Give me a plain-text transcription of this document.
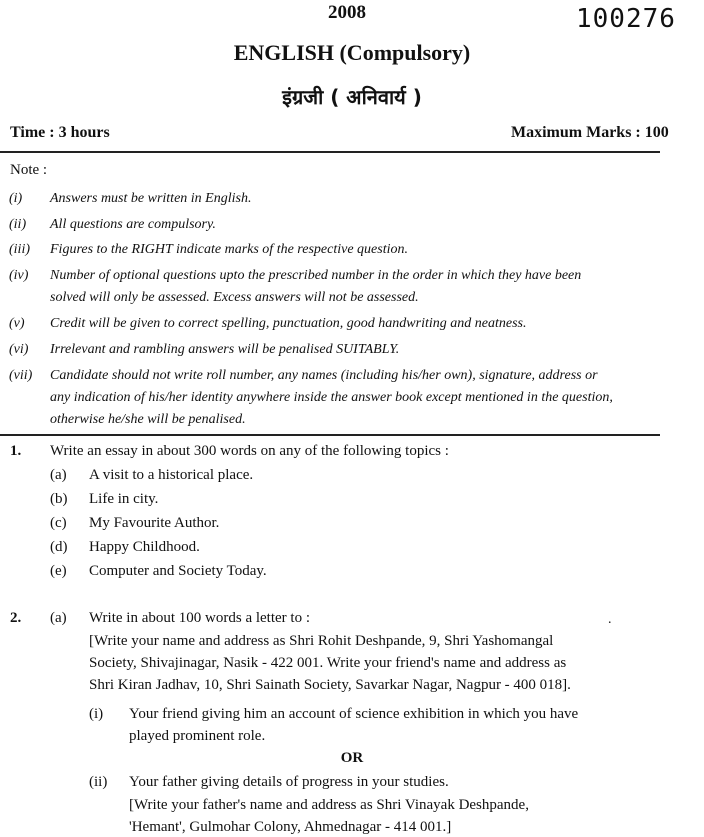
2008	100276
ENGLISH (Compulsory)
इंग्रजी ( अनिवार्य )
Time : 3 hours	Maximum Marks : 100
Note :
(i) Answers must be written in English.
(ii) All questions are compulsory.
(iii) Figures to the RIGHT indicate marks of the respective question.
(iv) Number of optional questions upto the prescribed number in the order in which they have been
solved will only be assessed. Excess answers will not be assessed.
(v) Credit will be given to correct spelling, punctuation, good handwriting and neatness.
(vi) Irrelevant and rambling answers will be penalised SUITABLY.
(vii) Candidate should not write roll number, any names (including his/her own), signature, address or
any indication of his/her identity anywhere inside the answer book except mentioned in the question,
otherwise he/she will be penalised.
1. Write an essay in about 300 words on any of the following topics :
(a) A visit to a historical place.
(b) Life in city.
(c) My Favourite Author.
(d) Happy Childhood.
(e) Computer and Society Today.
2. (a) Write in about 100 words a letter to :	.
[Write your name and address as Shri Rohit Deshpande, 9, Shri Yashomangal
Society, Shivajinagar, Nasik - 422 001. Write your friend's name and address as
Shri Kiran Jadhav, 10, Shri Sainath Society, Savarkar Nagar, Nagpur - 400 018].
(i) Your friend giving him an account of science exhibition in which you have
played prominent role.
OR
(ii) Your father giving details of progress in your studies.
[Write your father's name and address as Shri Vinayak Deshpande,
'Hemant', Gulmohar Colony, Ahmednagar - 414 001.]
